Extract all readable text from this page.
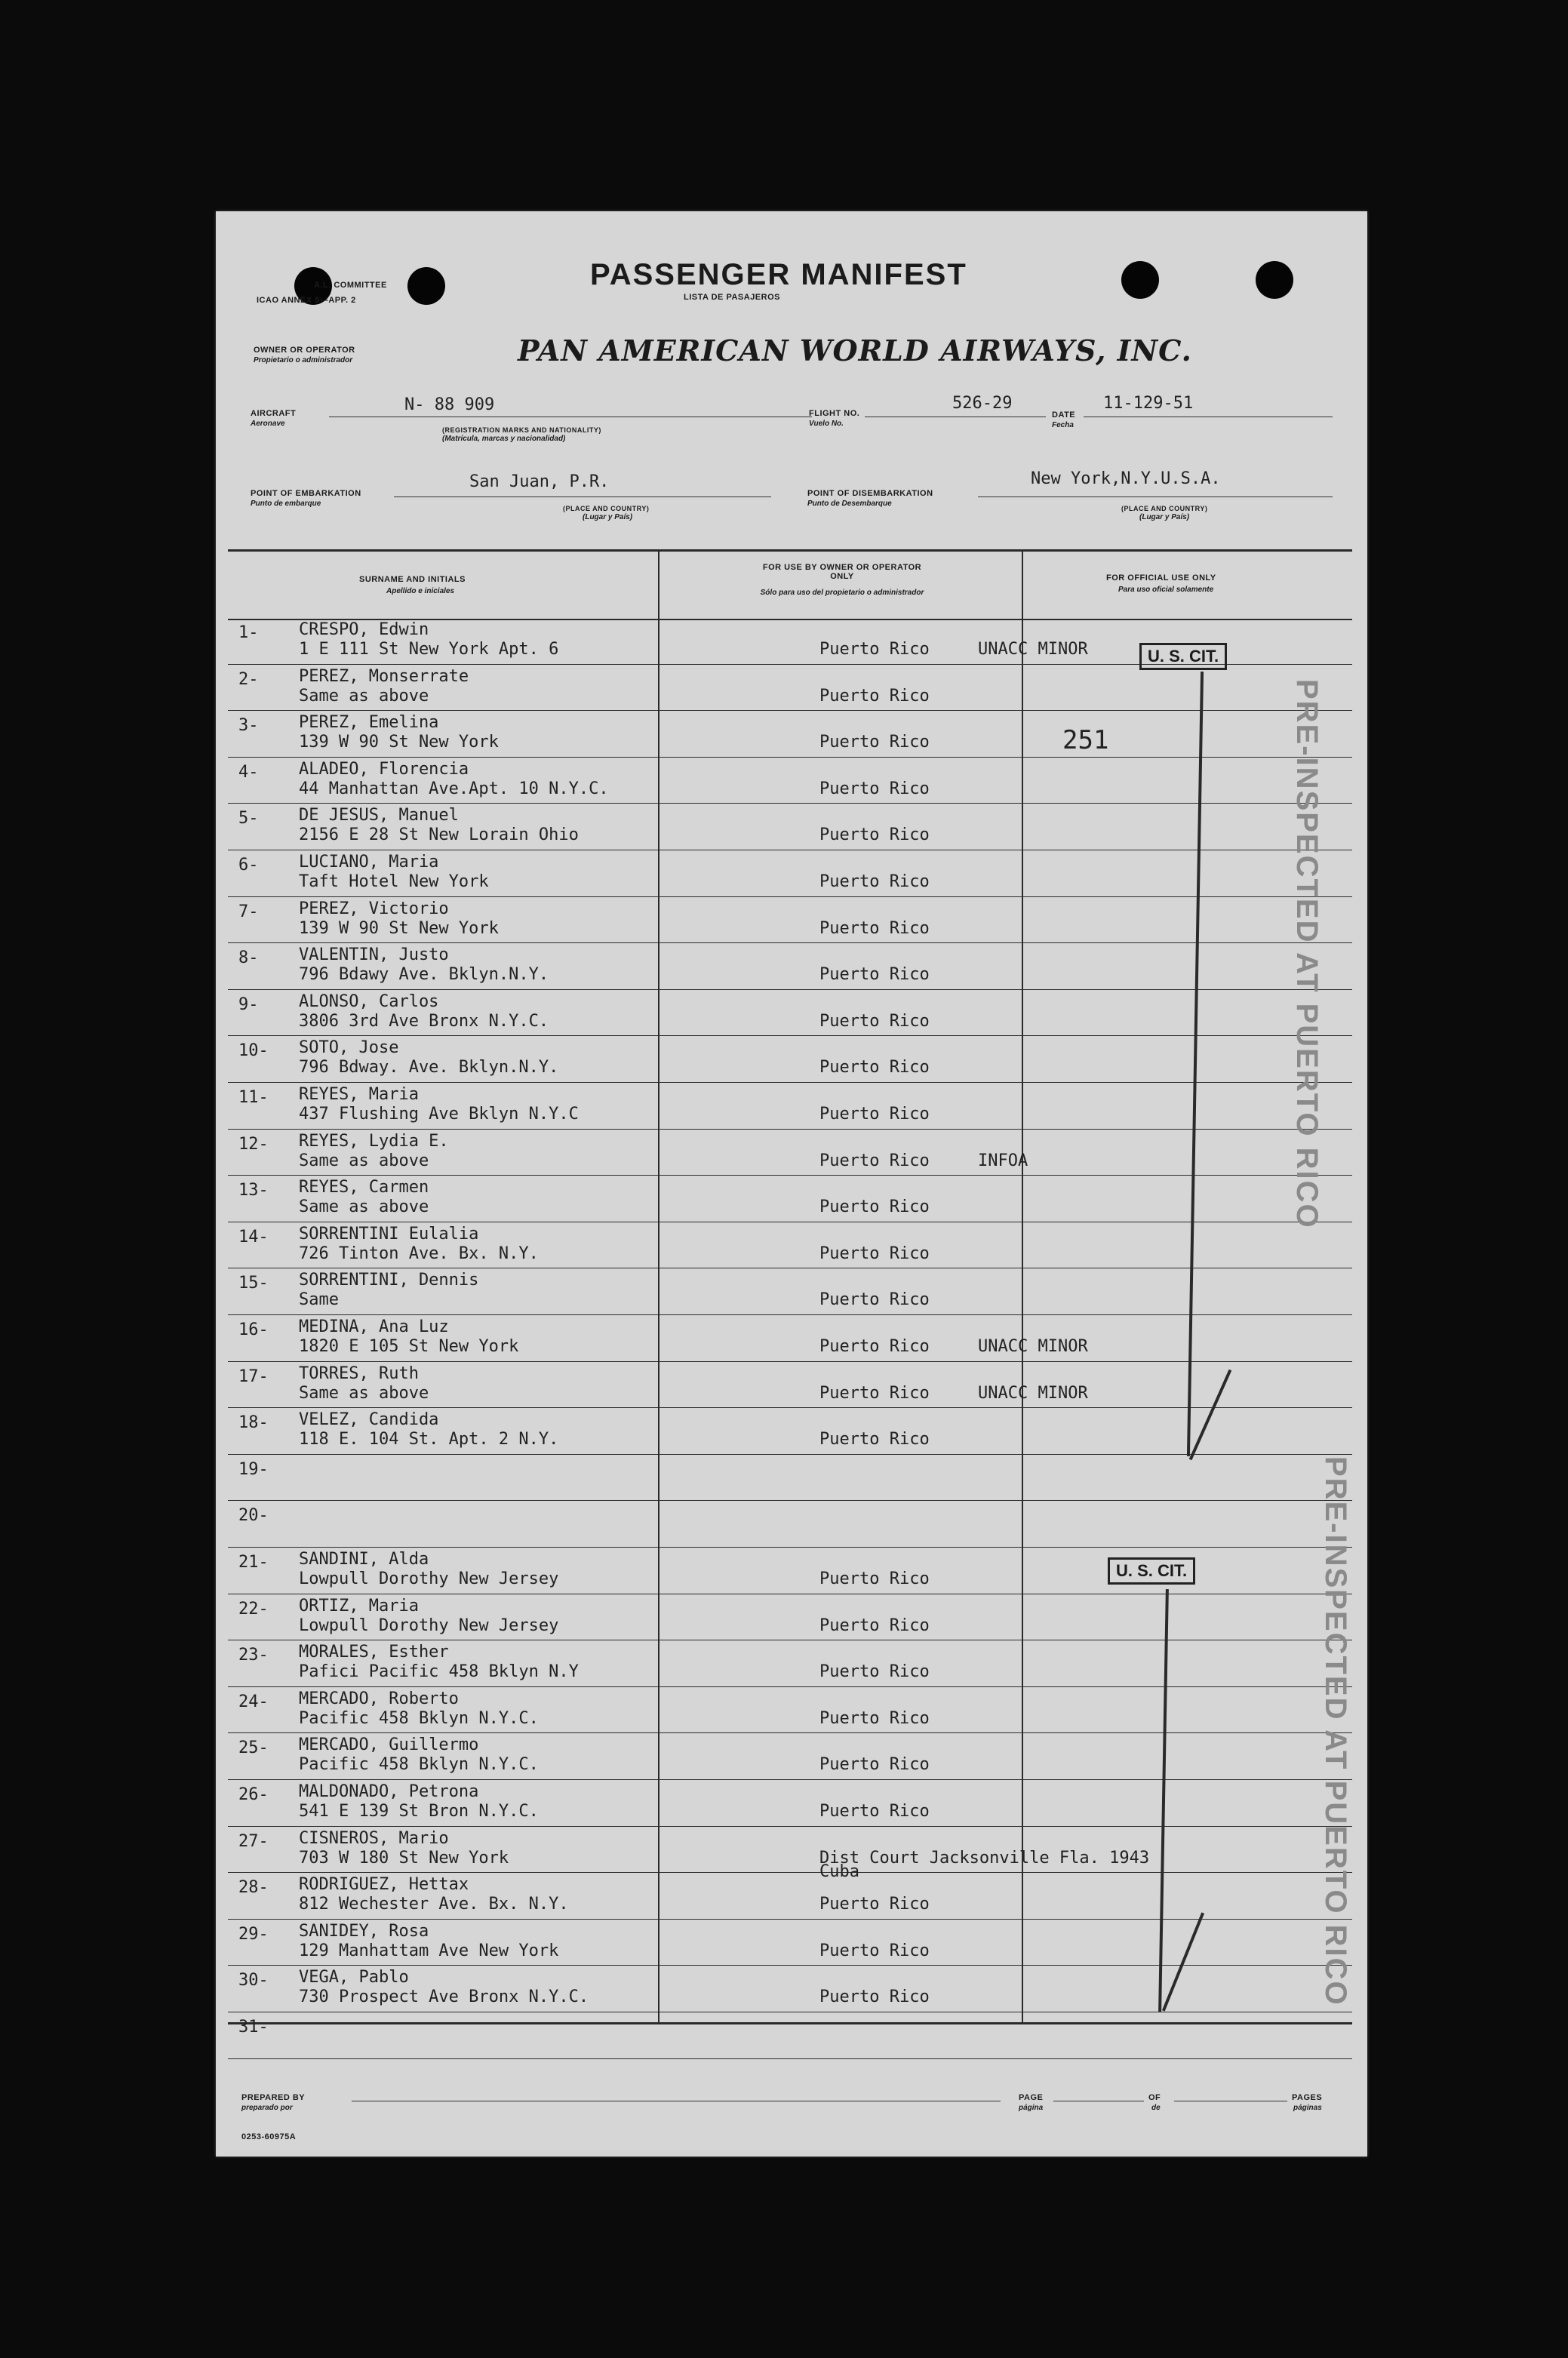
A.L. COMMITTEE
ICAO ANNEX 9—APP. 2
PASSENGER MANIFEST
LISTA DE PASAJEROS
OWNER OR OPERATOR
Propietario o administrador	PAN AMERICAN WORLD AIRWAYS, INC.
AIRCRAFT
Aeronave
N- 88 909
(REGISTRATION MARKS AND NATIONALITY)
(Matrícula, marcas y nacionalidad)
FLIGHT NO.
Vuelo No.
526-29
DATE
Fecha
11-129-51
POINT OF EMBARKATION
Punto de embarque
San Juan, P.R.
(PLACE AND COUNTRY)
(Lugar y País)
POINT OF DISEMBARKATION
Punto de Desembarque
New York,N.Y.U.S.A.
(PLACE AND COUNTRY)
(Lugar y País)
SURNAME AND INITIALS
Apellido e iniciales
FOR USE BY OWNER OR OPERATOR ONLY
Sólo para uso del propietario o administrador
FOR OFFICIAL USE ONLY
Para uso oficial solamente
1- CRESPO, Edwin
1 E 111 St New York Apt. 6	Puerto Rico	UNACC MINOR
2- PEREZ, Monserrate
Same as above	Puerto Rico
3- PEREZ, Emelina
139 W 90 St New York	Puerto Rico	251
4- ALADEO, Florencia
44 Manhattan Ave.Apt. 10 N.Y.C.	Puerto Rico
5- DE JESUS, Manuel
2156 E 28 St New Lorain Ohio	Puerto Rico
6- LUCIANO, Maria
Taft Hotel New York	Puerto Rico
7- PEREZ, Victorio
139 W 90 St New York	Puerto Rico
8- VALENTIN, Justo
796 Bdawy Ave. Bklyn.N.Y.	Puerto Rico
9- ALONSO, Carlos
3806 3rd Ave Bronx N.Y.C.	Puerto Rico
10- SOTO, Jose
796 Bdway. Ave. Bklyn.N.Y.	Puerto Rico
11- REYES, Maria
437 Flushing Ave Bklyn N.Y.C	Puerto Rico
12- REYES, Lydia E.
Same as above	Puerto Rico	INFOA
13- REYES, Carmen
Same as above	Puerto Rico
14- SORRENTINI Eulalia
726 Tinton Ave. Bx. N.Y.	Puerto Rico
15- SORRENTINI, Dennis
Same	Puerto Rico
16- MEDINA, Ana Luz
1820 E 105 St New York	Puerto Rico	UNACC MINOR
17- TORRES, Ruth
Same as above	Puerto Rico	UNACC MINOR
18- VELEZ, Candida
118 E. 104 St. Apt. 2 N.Y.	Puerto Rico
19-
20-
21- SANDINI, Alda
Lowpull Dorothy New Jersey	Puerto Rico
22- ORTIZ, Maria
Lowpull Dorothy New Jersey	Puerto Rico
23- MORALES, Esther
Pafici Pacific 458 Bklyn N.Y	Puerto Rico
24- MERCADO, Roberto
Pacific 458 Bklyn N.Y.C.	Puerto Rico
25- MERCADO, Guillermo
Pacific 458 Bklyn N.Y.C.	Puerto Rico
26- MALDONADO, Petrona
541 E 139 St Bron N.Y.C.	Puerto Rico
27- CISNEROS, Mario
703 W 180 St New York	Dist Court Jacksonville Fla. 1943
Cuba
28- RODRIGUEZ, Hettax
812 Wechester Ave. Bx. N.Y.	Puerto Rico
29- SANIDEY, Rosa
129 Manhattam Ave New York	Puerto Rico
30- VEGA, Pablo
730 Prospect Ave Bronx N.Y.C.	Puerto Rico
31-
U. S. CIT.
U. S. CIT.
PRE-INSPECTED AT PUERTO RICO
PRE-INSPECTED AT PUERTO RICO
PREPARED BY
preparado por
PAGE
página
OF
de
PAGES
páginas
0253-60975A
